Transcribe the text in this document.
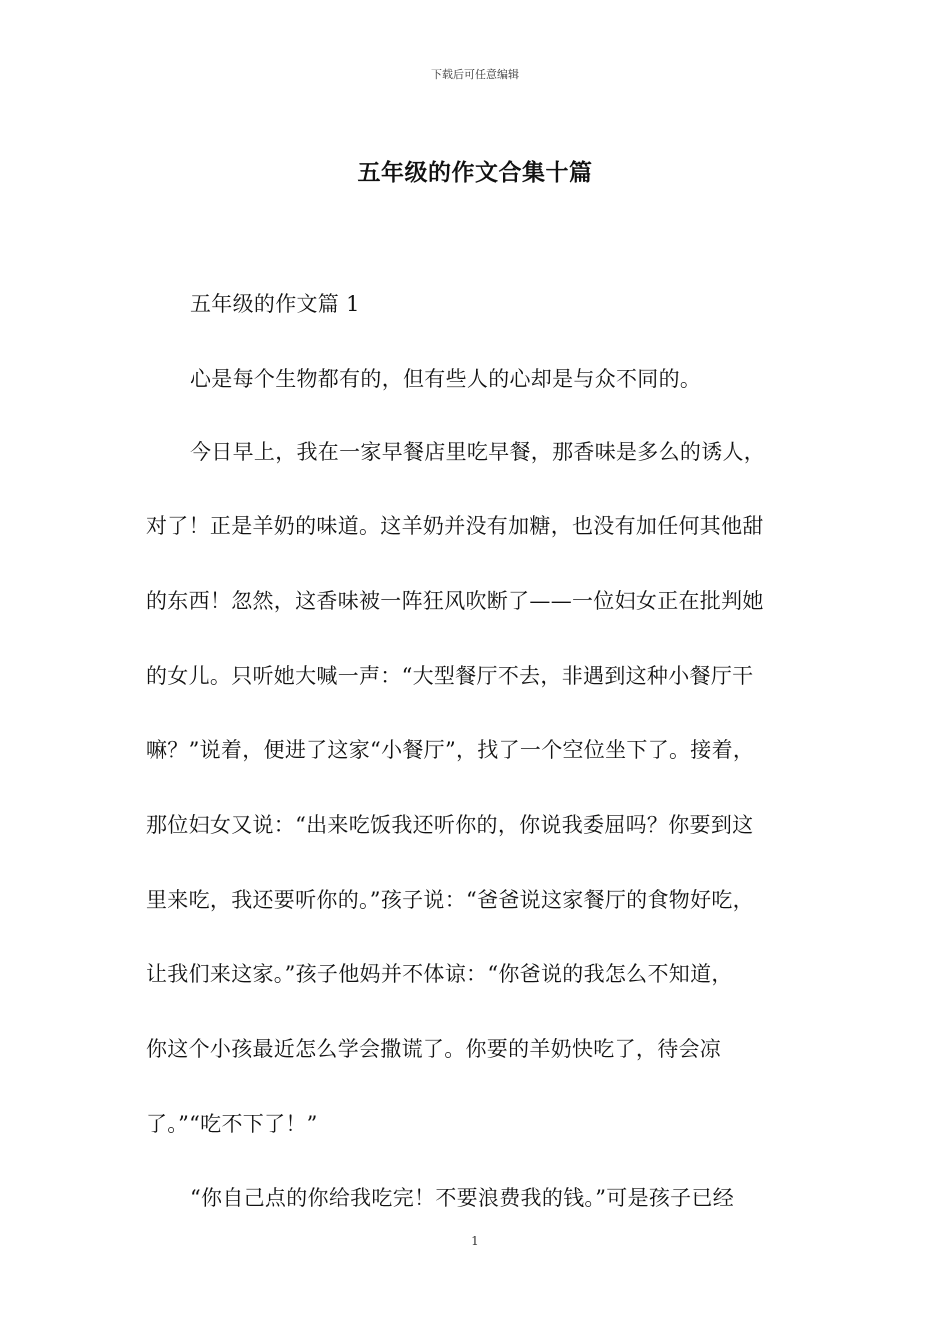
下载后可任意编辑
五年级的作文合集十篇
五年级的作文篇 1
心是每个生物都有的，但有些人的心却是与众不同的。
今日早上，我在一家早餐店里吃早餐，那香味是多么的诱人，
对了！正是羊奶的味道。这羊奶并没有加糖，也没有加任何其他甜
的东西！忽然，这香味被一阵狂风吹断了——一位妇女正在批判她
的女儿。只听她大喊一声：“大型餐厅不去，非遇到这种小餐厅干
嘛？”说着，便进了这家“小餐厅”，找了一个空位坐下了。接着，
那位妇女又说：“出来吃饭我还听你的，你说我委屈吗？你要到这
里来吃，我还要听你的。”孩子说：“爸爸说这家餐厅的食物好吃，
让我们来这家。”孩子他妈并不体谅：“你爸说的我怎么不知道，
你这个小孩最近怎么学会撒谎了。你要的羊奶快吃了，待会凉
了。”“吃不下了！”
“你自己点的你给我吃完！不要浪费我的钱。”可是孩子已经
1
